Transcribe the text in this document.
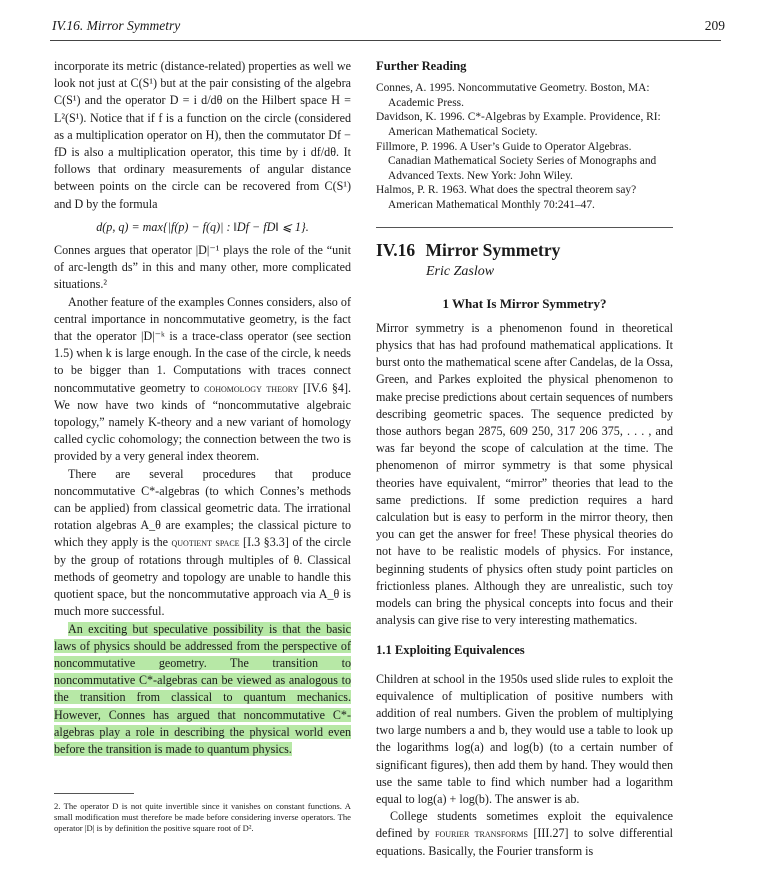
IV.16. Mirror Symmetry	209

incorporate its metric (distance-related) properties as well we look not just at C(S¹) but at the pair consisting of the algebra C(S¹) and the operator D = i d/dθ on the Hilbert space H = L²(S¹). Notice that if f is a function on the circle (considered as a multiplication operator on H), then the commutator Df − fD is also a multiplication operator, this time by i df/dθ. It follows that ordinary measurements of angular distance between points on the circle can be recovered from C(S¹) and D by the formula

d(p, q) = max{|f(p) − f(q)| : ‖Df − fD‖ ⩽ 1}.

Connes argues that operator |D|⁻¹ plays the role of the “unit of arc-length ds” in this and many other, more complicated situations.²

Another feature of the examples Connes considers, also of central importance in noncommutative geometry, is the fact that the operator |D|⁻ᵏ is a trace-class operator (see section 1.5) when k is large enough. In the case of the circle, k needs to be bigger than 1. Computations with traces connect noncommutative geometry to cohomology theory [IV.6 §4]. We now have two kinds of “noncommutative algebraic topology,” namely K-theory and a new variant of homology called cyclic cohomology; the connection between the two is provided by a very general index theorem.

There are several procedures that produce noncommutative C*-algebras (to which Connes’s methods can be applied) from classical geometric data. The irrational rotation algebras A_θ are examples; the classical picture to which they apply is the quotient space [I.3 §3.3] of the circle by the group of rotations through multiples of θ. Classical methods of geometry and topology are unable to handle this quotient space, but the noncommutative approach via A_θ is much more successful.

An exciting but speculative possibility is that the basic laws of physics should be addressed from the perspective of noncommutative geometry. The transition to noncommutative C*-algebras can be viewed as analogous to the transition from classical to quantum mechanics. However, Connes has argued that noncommutative C*-algebras play a role in describing the physical world even before the transition is made to quantum physics.

2. The operator D is not quite invertible since it vanishes on constant functions. A small modification must therefore be made before considering inverse operators. The operator |D| is by definition the positive square root of D².
Further Reading

Connes, A. 1995. Noncommutative Geometry. Boston, MA: Academic Press.

Davidson, K. 1996. C*-Algebras by Example. Providence, RI: American Mathematical Society.

Fillmore, P. 1996. A User’s Guide to Operator Algebras. Canadian Mathematical Society Series of Monographs and Advanced Texts. New York: John Wiley.

Halmos, P. R. 1963. What does the spectral theorem say? American Mathematical Monthly 70:241–47.

IV.16 Mirror Symmetry
Eric Zaslow
1 What Is Mirror Symmetry?

Mirror symmetry is a phenomenon found in theoretical physics that has had profound mathematical applications. It burst onto the mathematical scene after Candelas, de la Ossa, Green, and Parkes exploited the physical phenomenon to make precise predictions about certain sequences of numbers describing geometric spaces. The sequence predicted by those authors began 2875, 609 250, 317 206 375, . . . , and was far beyond the scope of calculation at the time. The phenomenon of mirror symmetry is that some physical theories have equivalent, “mirror” theories that lead to the same predictions. If some prediction requires a hard calculation but is easy to perform in the mirror theory, then you can get the answer for free! These physical theories do not have to be realistic models of physics. For instance, beginning students of physics often study point particles on frictionless planes. Although they are unrealistic, such toy models can bring the physical concepts into focus and their analysis can give rise to very interesting mathematics.

1.1 Exploiting Equivalences

Children at school in the 1950s used slide rules to exploit the equivalence of multiplication of positive numbers with addition of real numbers. Given the problem of multiplying two large numbers a and b, they would use a table to look up the logarithms log(a) and log(b) (to a certain number of significant figures), then add them by hand. They would then use the same table to find which number had a logarithm equal to log(a) + log(b). The answer is ab.

College students sometimes exploit the equivalence defined by fourier transforms [III.27] to solve differential equations. Basically, the Fourier transform is
